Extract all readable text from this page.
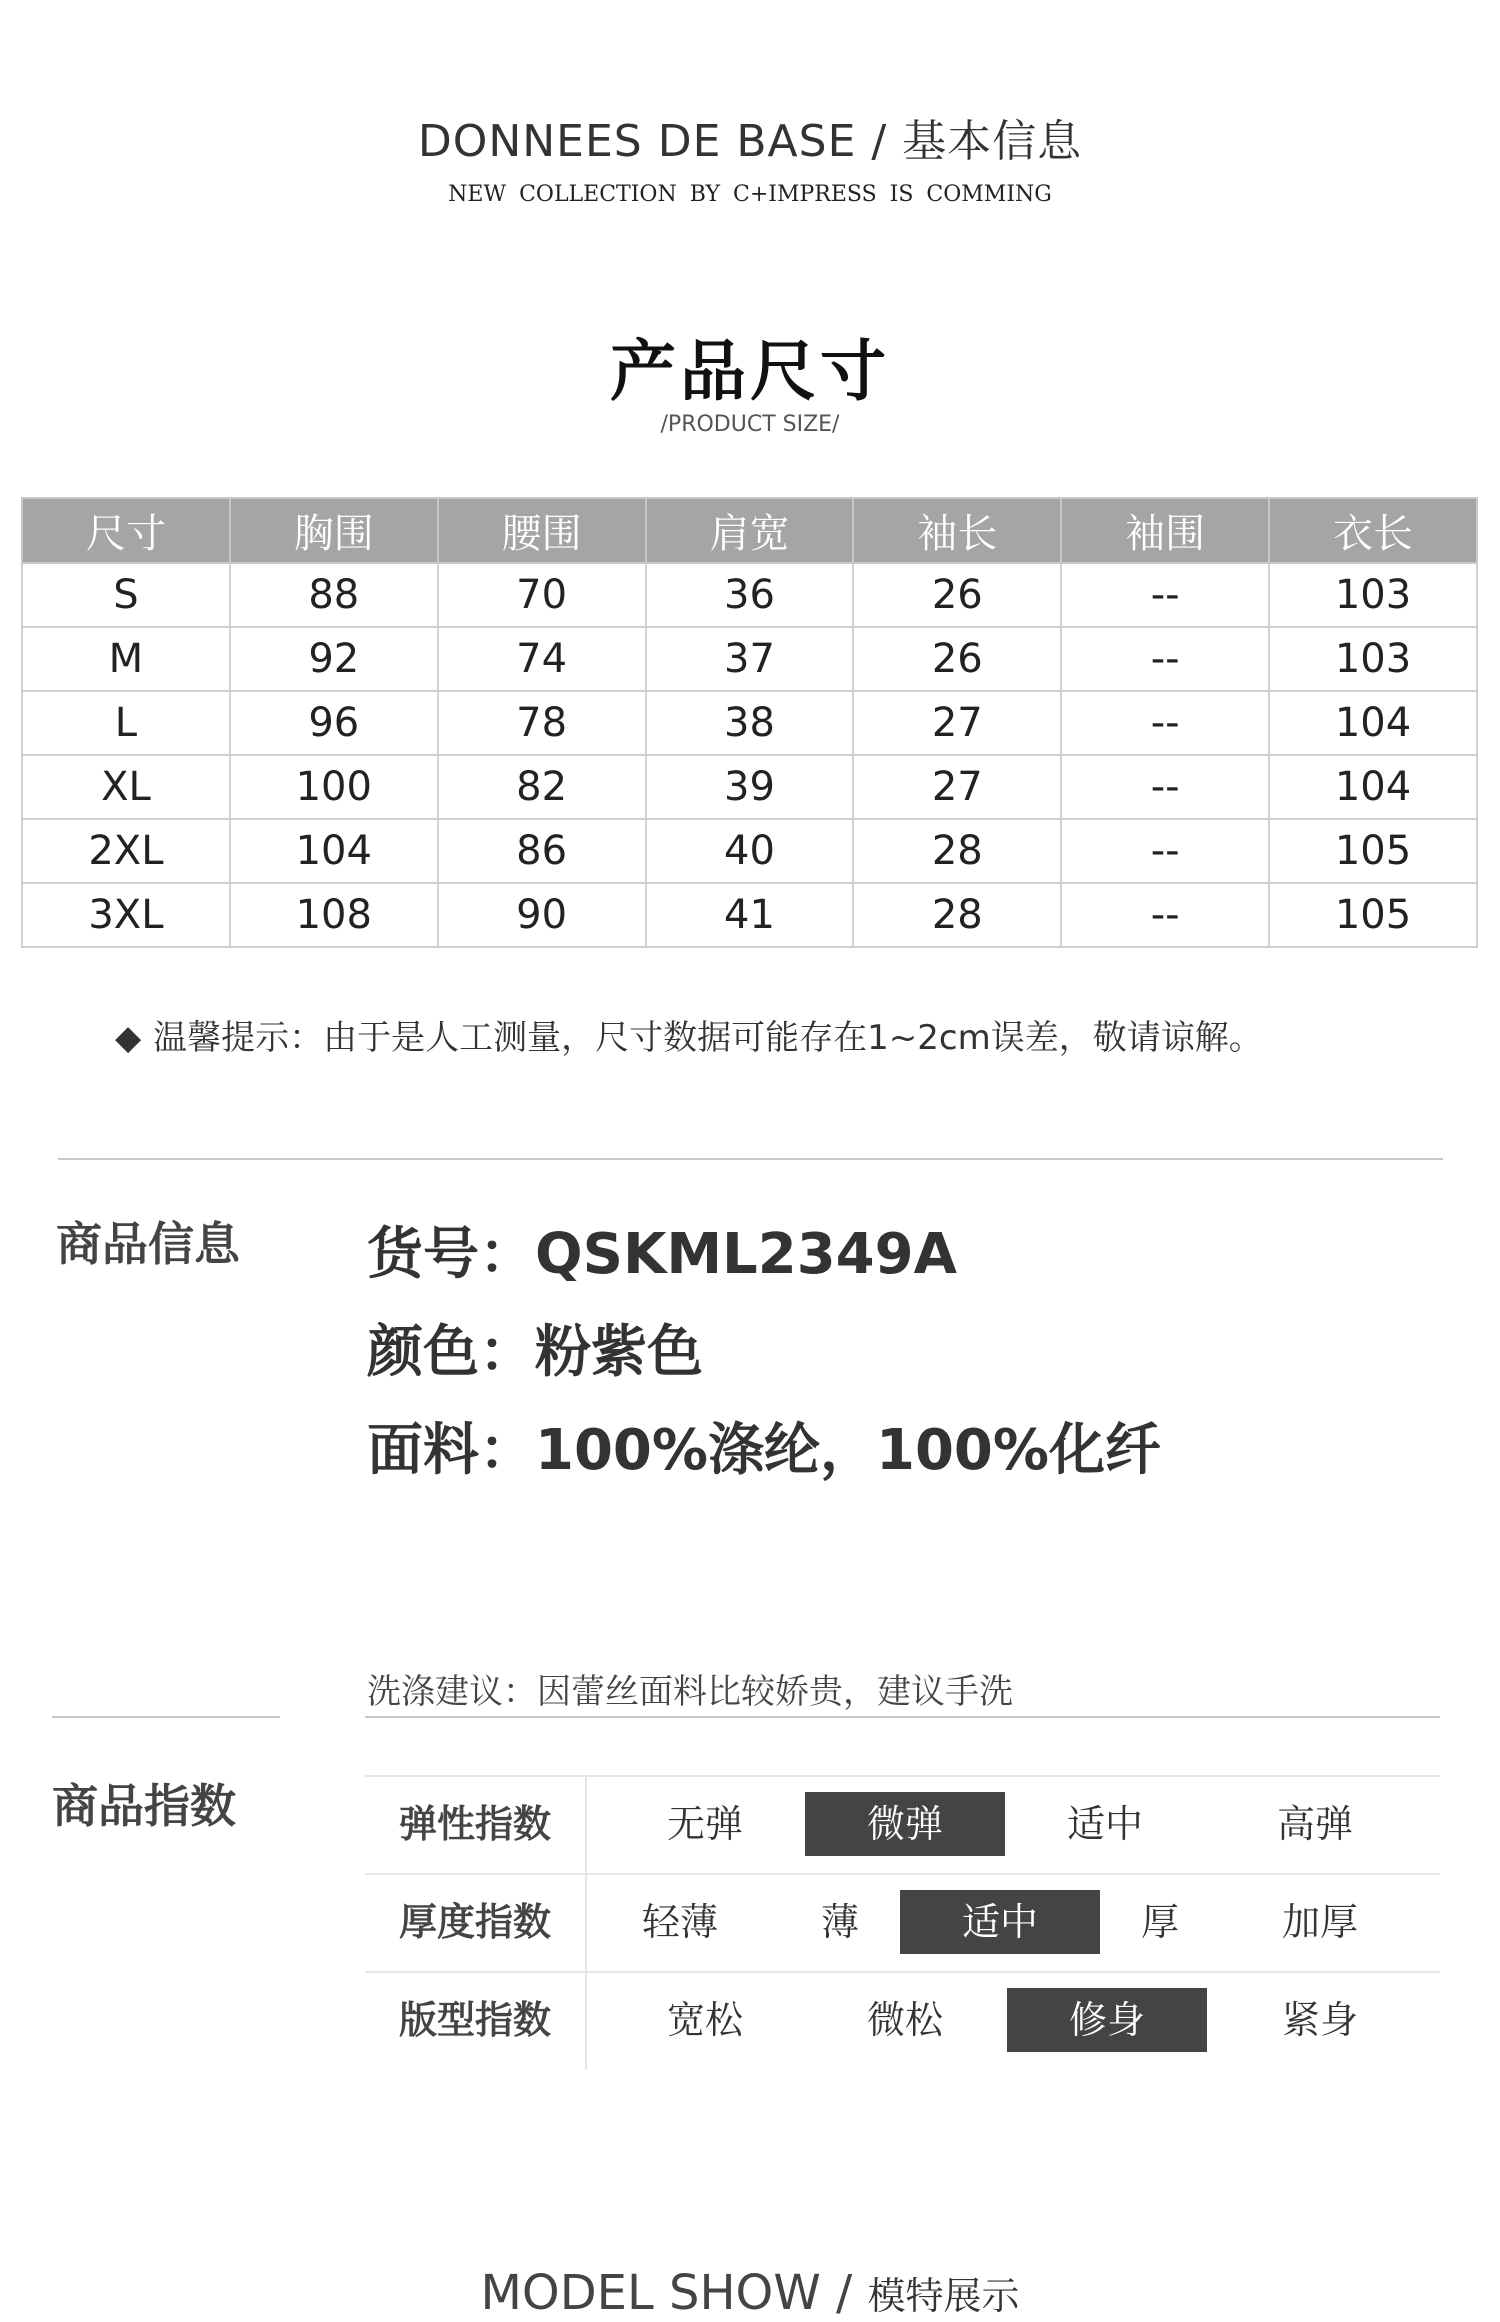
DONNEES DE BASE / 基本信息
NEW COLLECTION BY C+IMPRESS IS COMMING
产品尺寸
/PRODUCT SIZE/
尺寸	胸围	腰围	肩宽	袖长	袖围	衣长
S	88	70	36	26	--	103
M	92	74	37	26	--	103
L	96	78	38	27	--	104
XL	100	82	39	27	--	104
2XL	104	86	40	28	--	105
3XL	108	90	41	28	--	105
◆ 温馨提示：由于是人工测量，尺寸数据可能存在1~2cm误差，敬请谅解。
商品信息 货号：QSKML2349A
颜色：粉紫色
面料：100%涤纶，100%化纤
洗涤建议：因蕾丝面料比较娇贵，建议手洗
商品指数	弹性指数	无弹	微弹	适中	高弹
厚度指数	轻薄	薄	适中	厚	加厚
版型指数	宽松	微松	修身	紧身
MODEL SHOW / 模特展示
